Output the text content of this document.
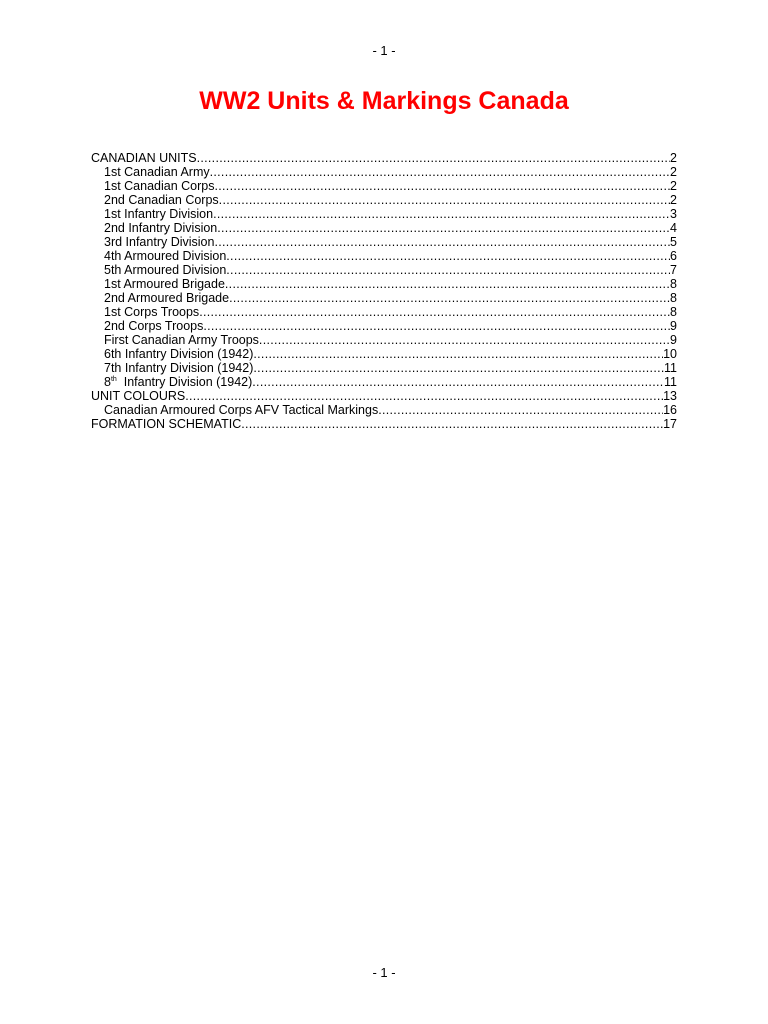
- 1 -
WW2 Units & Markings Canada
CANADIAN UNITS .....	2
1st Canadian Army .....	2
1st Canadian Corps .....	2
2nd Canadian Corps .....	2
1st Infantry Division .....	3
2nd Infantry Division .....	4
3rd Infantry Division .....	5
4th Armoured Division .....	6
5th Armoured Division .....	7
1st Armoured Brigade .....	8
2nd Armoured Brigade .....	8
1st Corps Troops .....	8
2nd Corps Troops .....	9
First Canadian Army Troops .....	9
6th Infantry Division (1942) .....	10
7th Infantry Division (1942) .....	11
8th  Infantry Division (1942) .....	11
UNIT COLOURS .....	13
Canadian Armoured Corps AFV Tactical Markings .....	16
FORMATION SCHEMATIC .....	17
- 1 -
